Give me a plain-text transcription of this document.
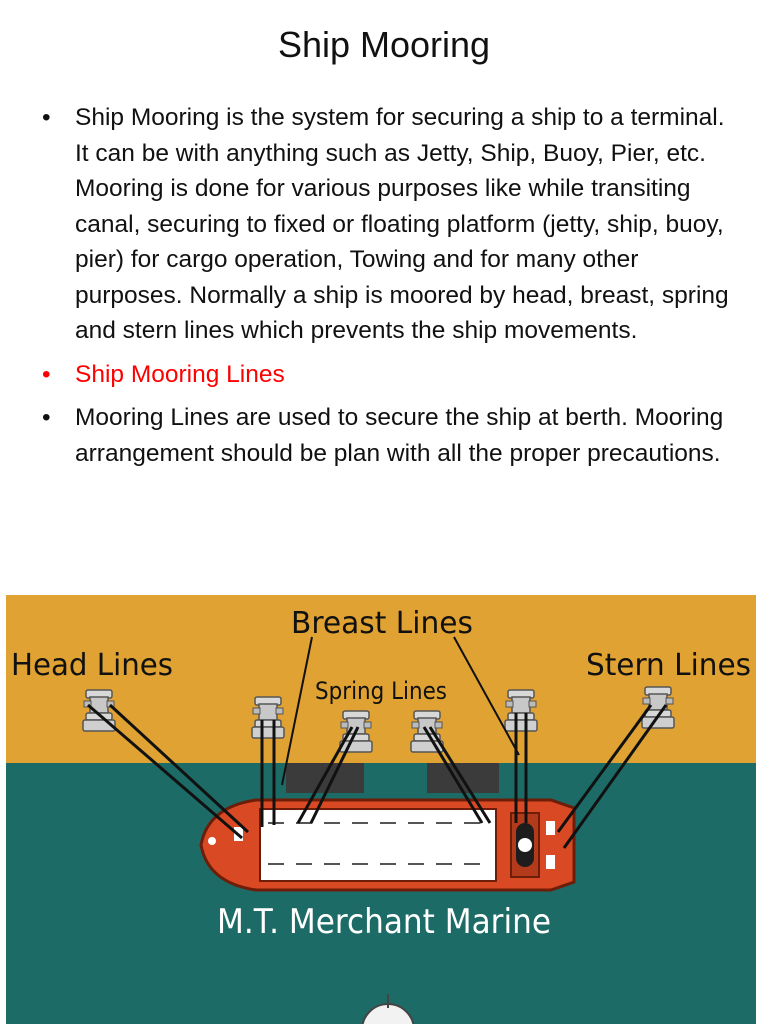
Ship Mooring
• Ship Mooring is the system for securing a ship to a terminal. It can be with anything such as Jetty, Ship, Buoy, Pier, etc. Mooring is done for various purposes like while transiting canal, securing to fixed or floating platform (jetty, ship, buoy, pier) for cargo operation, Towing and for many other purposes. Normally a ship is moored by head, breast, spring and stern lines which prevents the ship movements.
• Ship Mooring Lines
• Mooring Lines are used to secure the ship at berth. Mooring arrangement should be plan with all the proper precautions.
Breast Lines
Head Lines	Stern Lines
Spring Lines
M.T. Merchant Marine
